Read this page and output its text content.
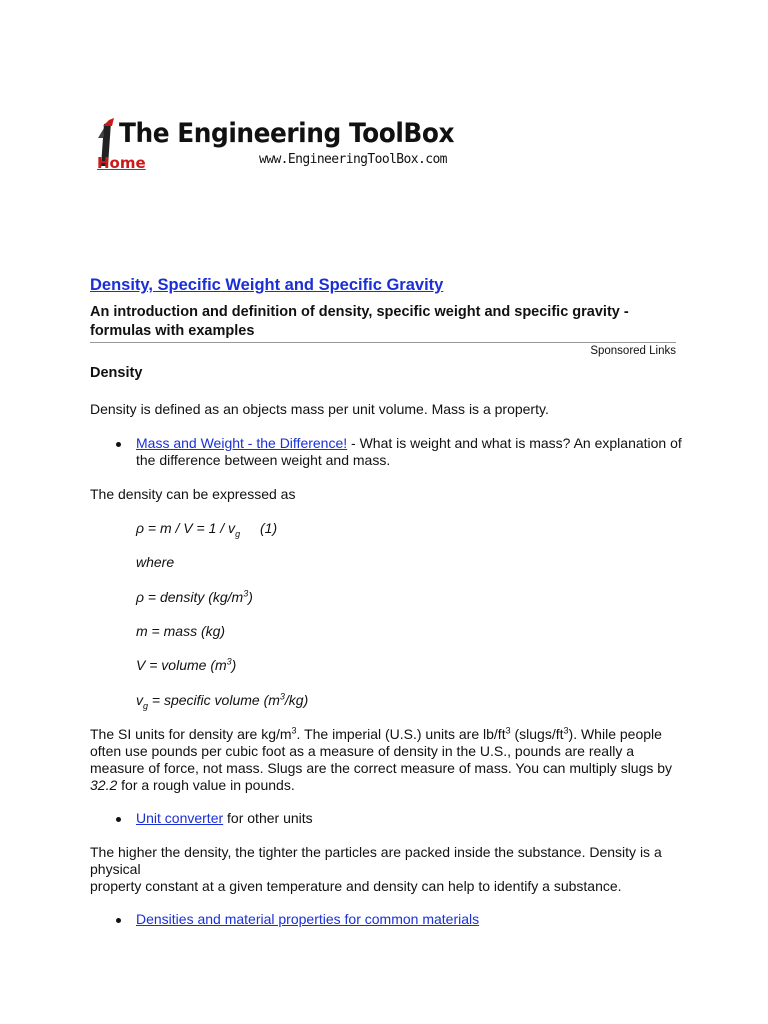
The Engineering ToolBox
Home	www.EngineeringToolBox.com
Density, Specific Weight and Specific Gravity
An introduction and definition of density, specific weight and specific gravity - formulas with examples
Sponsored Links
Density
Density is defined as an objects mass per unit volume. Mass is a property.
Mass and Weight - the Difference! - What is weight and what is mass? An explanation of
the difference between weight and mass.
The density can be expressed as
$\rho = m / V = 1 / v_g$ (1)
where
ρ = density $(kg/m^3)$
m = mass (kg)
V = volume $(m^3)$
$v_g$ = specific volume $(m^3/kg)$
The SI units for density are $kg/m^3$. The imperial (U.S.) units are $lb/ft^3$ $(slugs/ft^3)$. While people
often use pounds per cubic foot as a measure of density in the U.S., pounds are really a
measure of force, not mass. Slugs are the correct measure of mass. You can multiply slugs by
32.2 for a rough value in pounds.
Unit converter for other units
The higher the density, the tighter the particles are packed inside the substance. Density is a
physical
property constant at a given temperature and density can help to identify a substance.
Densities and material properties for common materials
